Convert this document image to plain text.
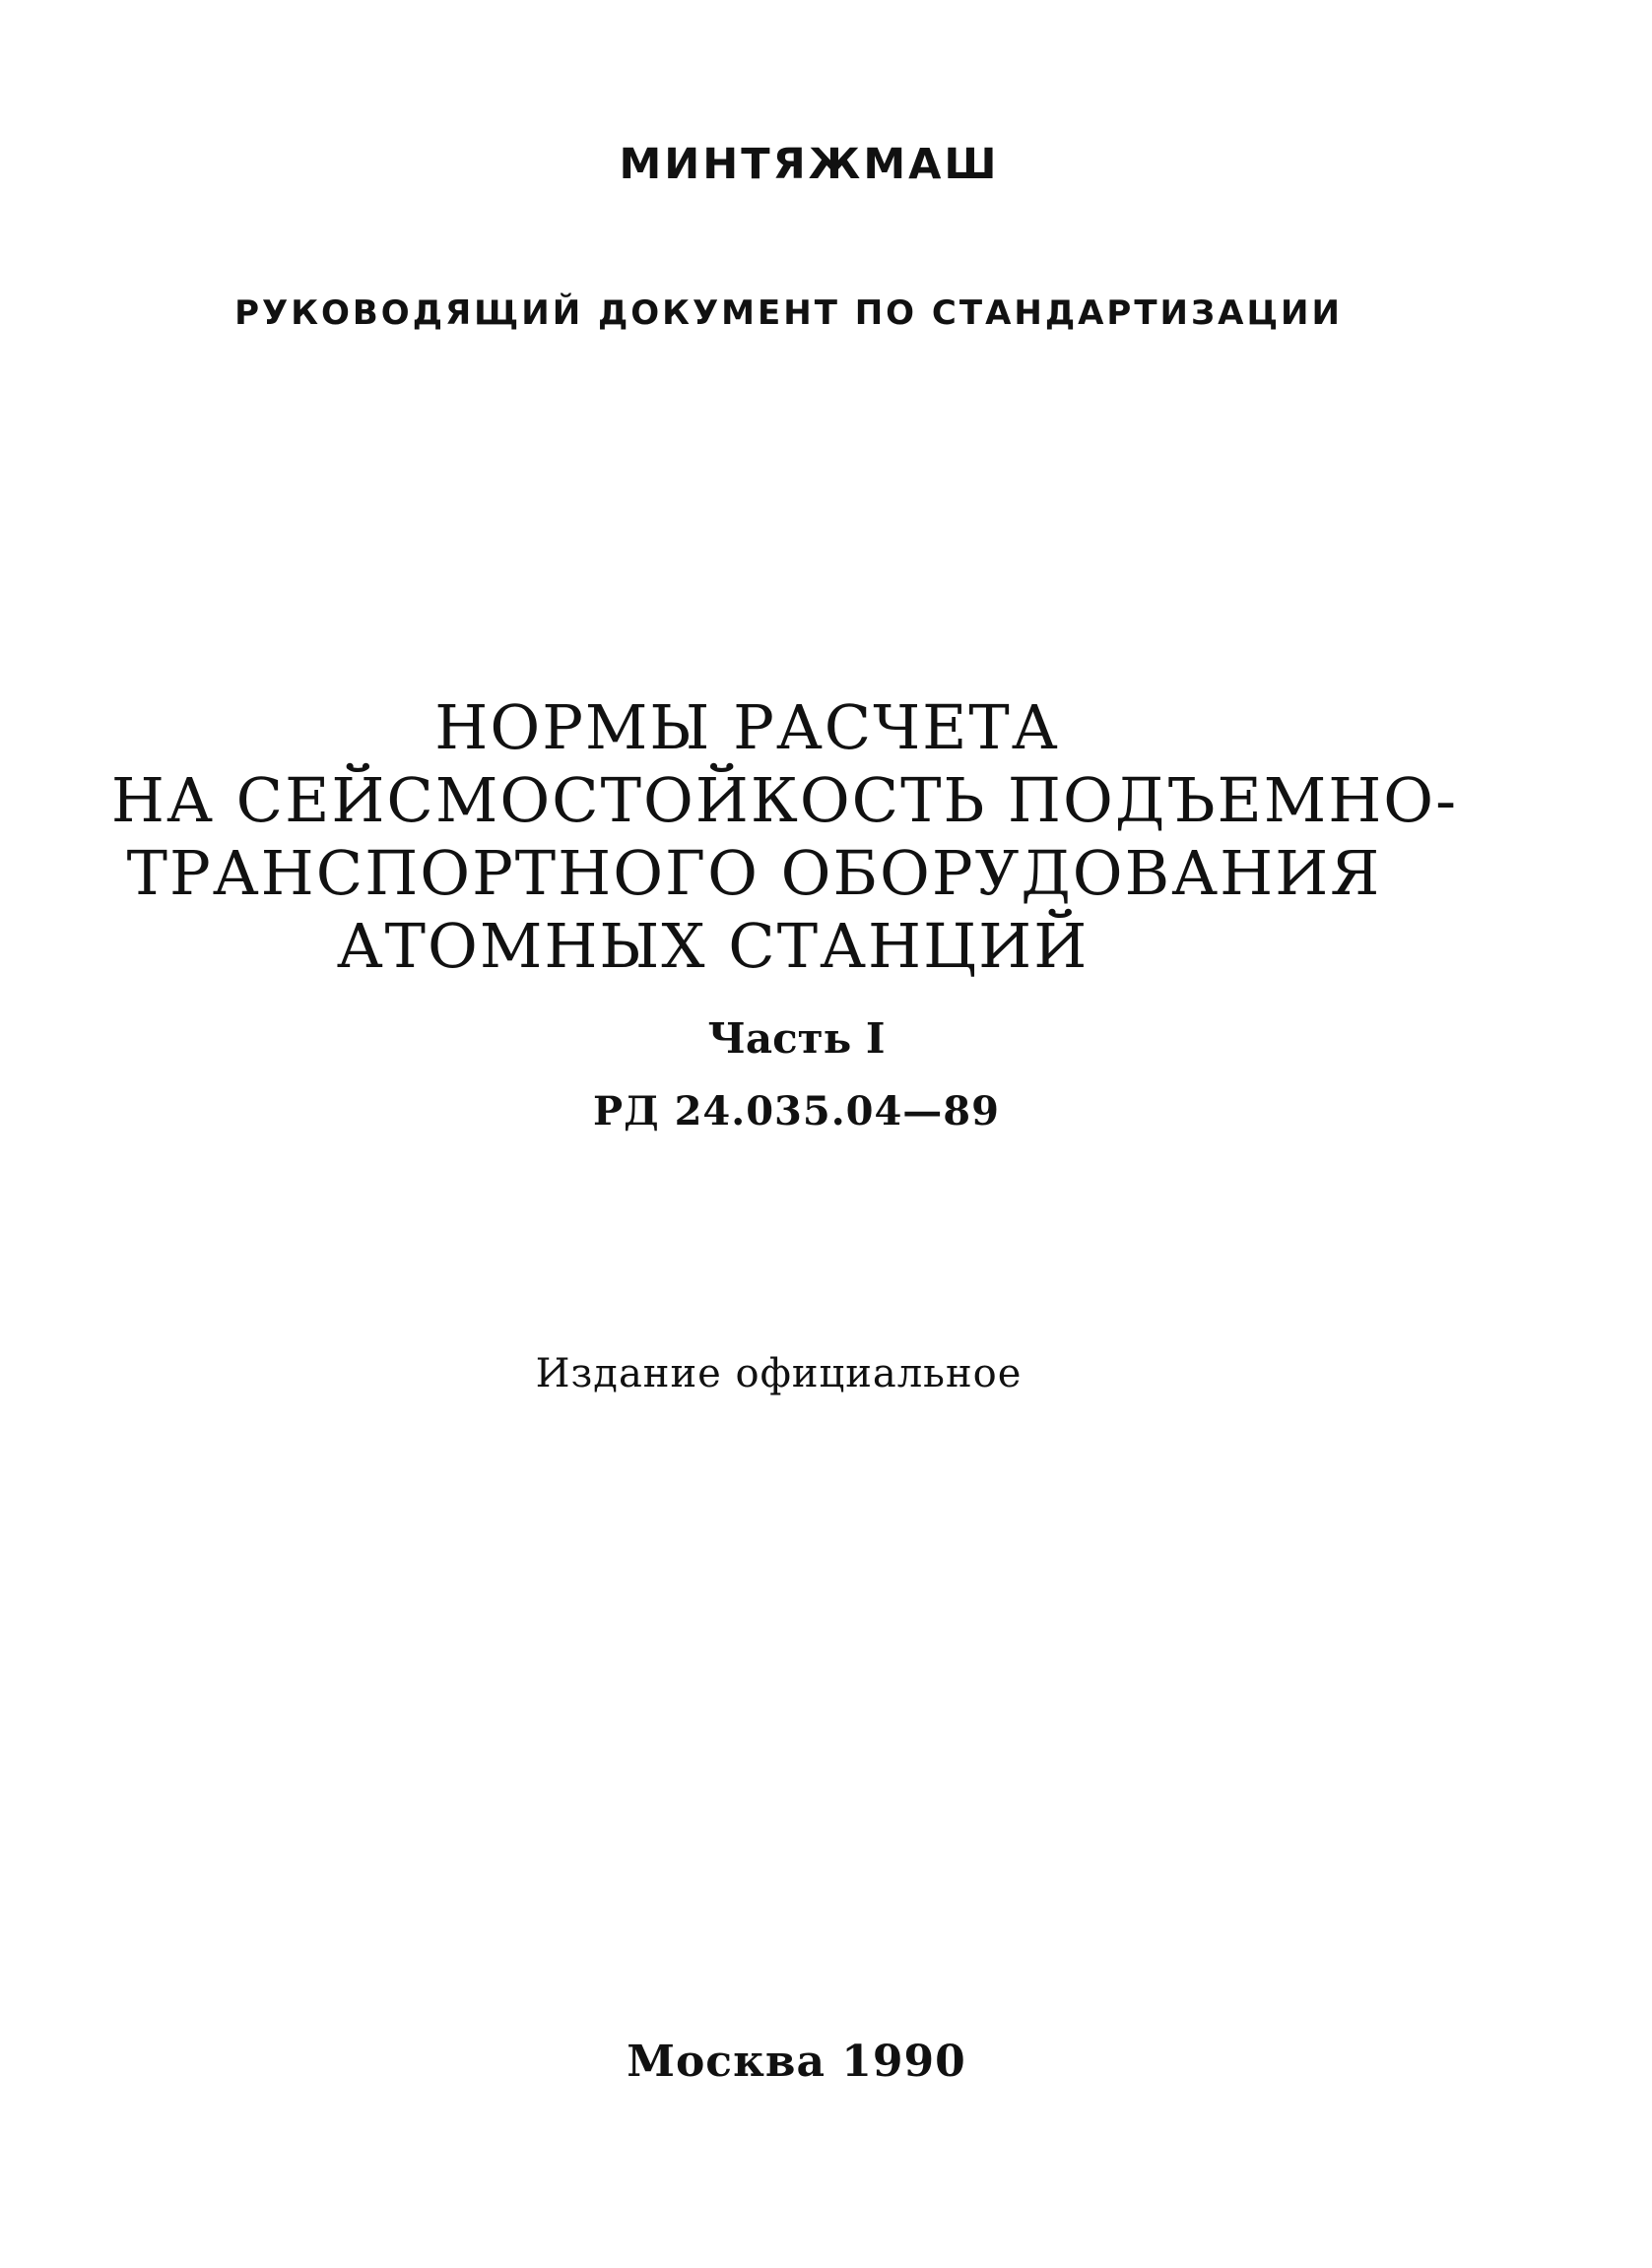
МИНТЯЖМАШ
РУКОВОДЯЩИЙ ДОКУМЕНТ ПО СТАНДАРТИЗАЦИИ
НОРМЫ РАСЧЕТА
НА СЕЙСМОСТОЙКОСТЬ ПОДЪЕМНО-
ТРАНСПОРТНОГО ОБОРУДОВАНИЯ
АТОМНЫХ СТАНЦИЙ
Часть I
РД 24.035.04—89
Издание официальное
Москва 1990
